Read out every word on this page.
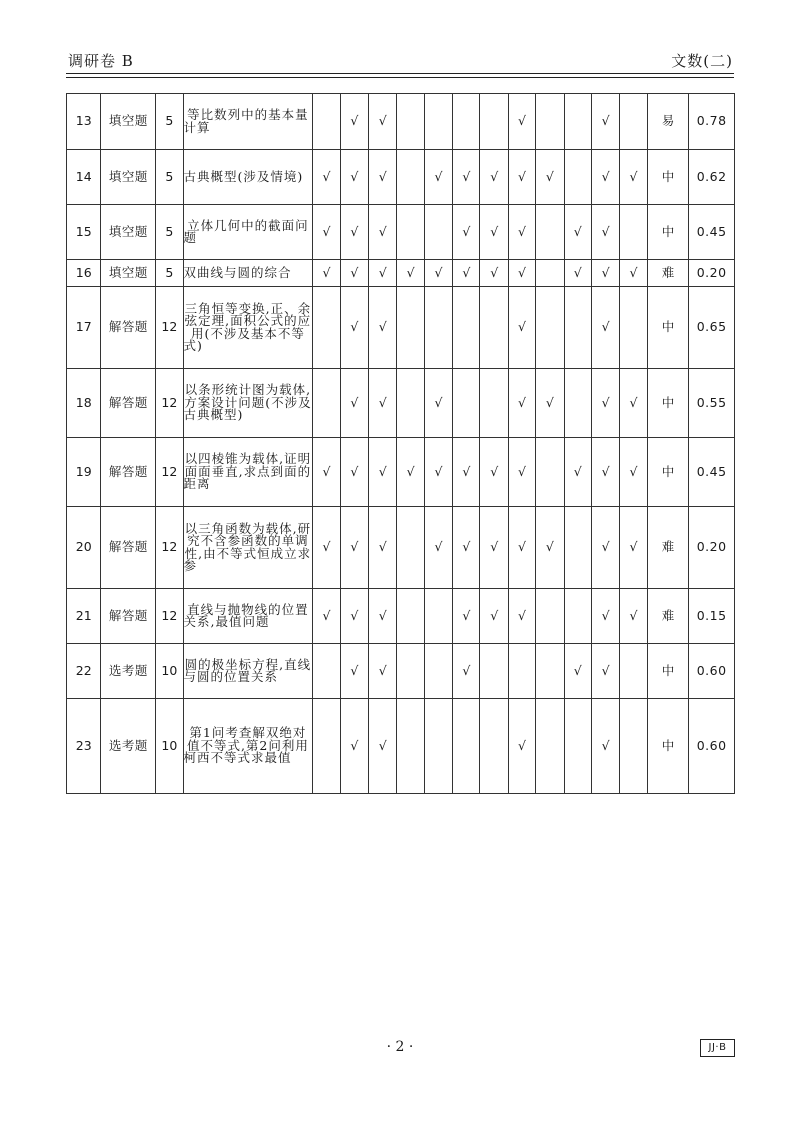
调研卷 B	文数(二)
13	填空题	5	等比数列中的基本量计算		√	√					√			√		易	0.78
14	填空题	5	古典概型(涉及情境)	√	√	√		√	√	√	√	√		√	√	中	0.62
15	填空题	5	立体几何中的截面问题	√	√	√			√	√	√		√	√		中	0.45
16	填空题	5	双曲线与圆的综合	√	√	√	√	√	√	√	√		√	√	√	难	0.20
17	解答题	12	三角恒等变换,正、余弦定理,面积公式的应用(不涉及基本不等式)		√	√					√			√		中	0.65
18	解答题	12	以条形统计图为载体,方案设计问题(不涉及古典概型)		√	√		√			√	√		√	√	中	0.55
19	解答题	12	以四棱锥为载体,证明面面垂直,求点到面的距离	√	√	√	√	√	√	√	√		√	√	√	中	0.45
20	解答题	12	以三角函数为载体,研究不含参函数的单调性,由不等式恒成立求参	√	√	√		√	√	√	√	√		√	√	难	0.20
21	解答题	12	直线与抛物线的位置关系,最值问题	√	√	√			√	√	√			√	√	难	0.15
22	选考题	10	圆的极坐标方程,直线与圆的位置关系		√	√			√				√	√		中	0.60
23	选考题	10	第1问考查解双绝对值不等式,第2问利用柯西不等式求最值		√	√					√			√		中	0.60
· 2 ·	JJ·B
